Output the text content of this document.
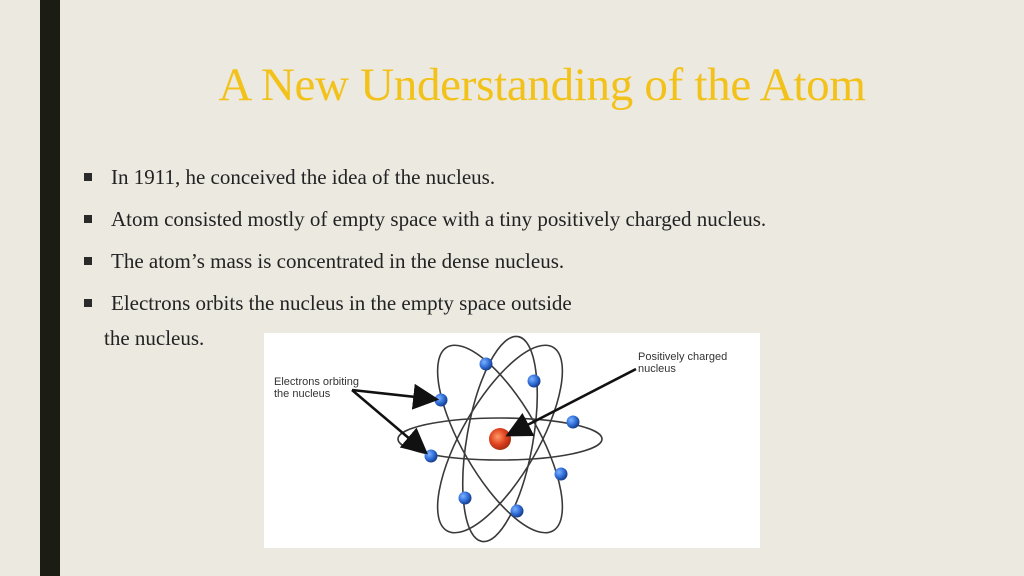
A New Understanding of the Atom
In 1911, he conceived the idea of the nucleus.
Atom consisted mostly of empty space with a tiny positively charged nucleus.
The atom’s mass is concentrated in the dense nucleus.
Electrons orbits the nucleus in the empty space outside
the nucleus.
Electrons orbiting
the nucleus
Positively charged
nucleus
